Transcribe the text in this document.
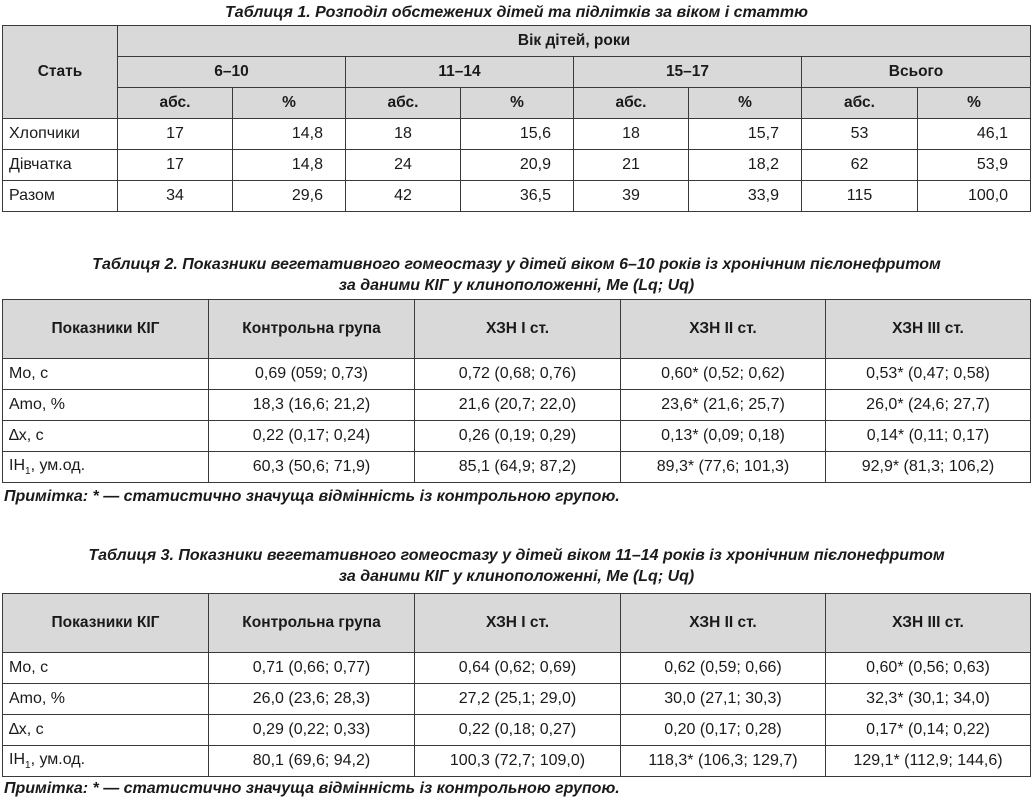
Таблиця 1. Розподіл обстежених дітей та підлітків за віком і статтю
Стать	Вік дітей, роки							
	6–10		11–14		15–17		Всього	
	абс.	%	абс.	%	абс.	%	абс.	%
Хлопчики	17	14,8	18	15,6	18	15,7	53	46,1
Дівчатка	17	14,8	24	20,9	21	18,2	62	53,9
Разом	34	29,6	42	36,5	39	33,9	115	100,0
Таблиця 2. Показники вегетативного гомеостазу у дітей віком 6–10 років із хронічним пієлонефритом
за даними КІГ у клиноположенні, Me (Lq; Uq)
Показники КІГ	Контрольна група	ХЗН І ст.	ХЗН ІІ ст.	ХЗН ІІІ ст.
Mo, c	0,69 (059; 0,73)	0,72 (0,68; 0,76)	0,60* (0,52; 0,62)	0,53* (0,47; 0,58)
Amo, %	18,3 (16,6; 21,2)	21,6 (20,7; 22,0)	23,6* (21,6; 25,7)	26,0* (24,6; 27,7)
∆x, c	0,22 (0,17; 0,24)	0,26 (0,19; 0,29)	0,13* (0,09; 0,18)	0,14* (0,11; 0,17)
$IH_1$, ум.од.	60,3 (50,6; 71,9)	85,1 (64,9; 87,2)	89,3* (77,6; 101,3)	92,9* (81,3; 106,2)
Примітка: * — статистично значуща відмінність із контрольною групою.
Таблиця 3. Показники вегетативного гомеостазу у дітей віком 11–14 років із хронічним пієлонефритом
за даними КІГ у клиноположенні, Me (Lq; Uq)
Показники КІГ	Контрольна група	ХЗН І ст.	ХЗН ІІ ст.	ХЗН ІІІ ст.
Mo, c	0,71 (0,66; 0,77)	0,64 (0,62; 0,69)	0,62 (0,59; 0,66)	0,60* (0,56; 0,63)
Amo, %	26,0 (23,6; 28,3)	27,2 (25,1; 29,0)	30,0 (27,1; 30,3)	32,3* (30,1; 34,0)
∆x, c	0,29 (0,22; 0,33)	0,22 (0,18; 0,27)	0,20 (0,17; 0,28)	0,17* (0,14; 0,22)
$IH_1$, ум.од.	80,1 (69,6; 94,2)	100,3 (72,7; 109,0)	118,3* (106,3; 129,7)	129,1* (112,9; 144,6)
Примітка: * — статистично значуща відмінність із контрольною групою.
